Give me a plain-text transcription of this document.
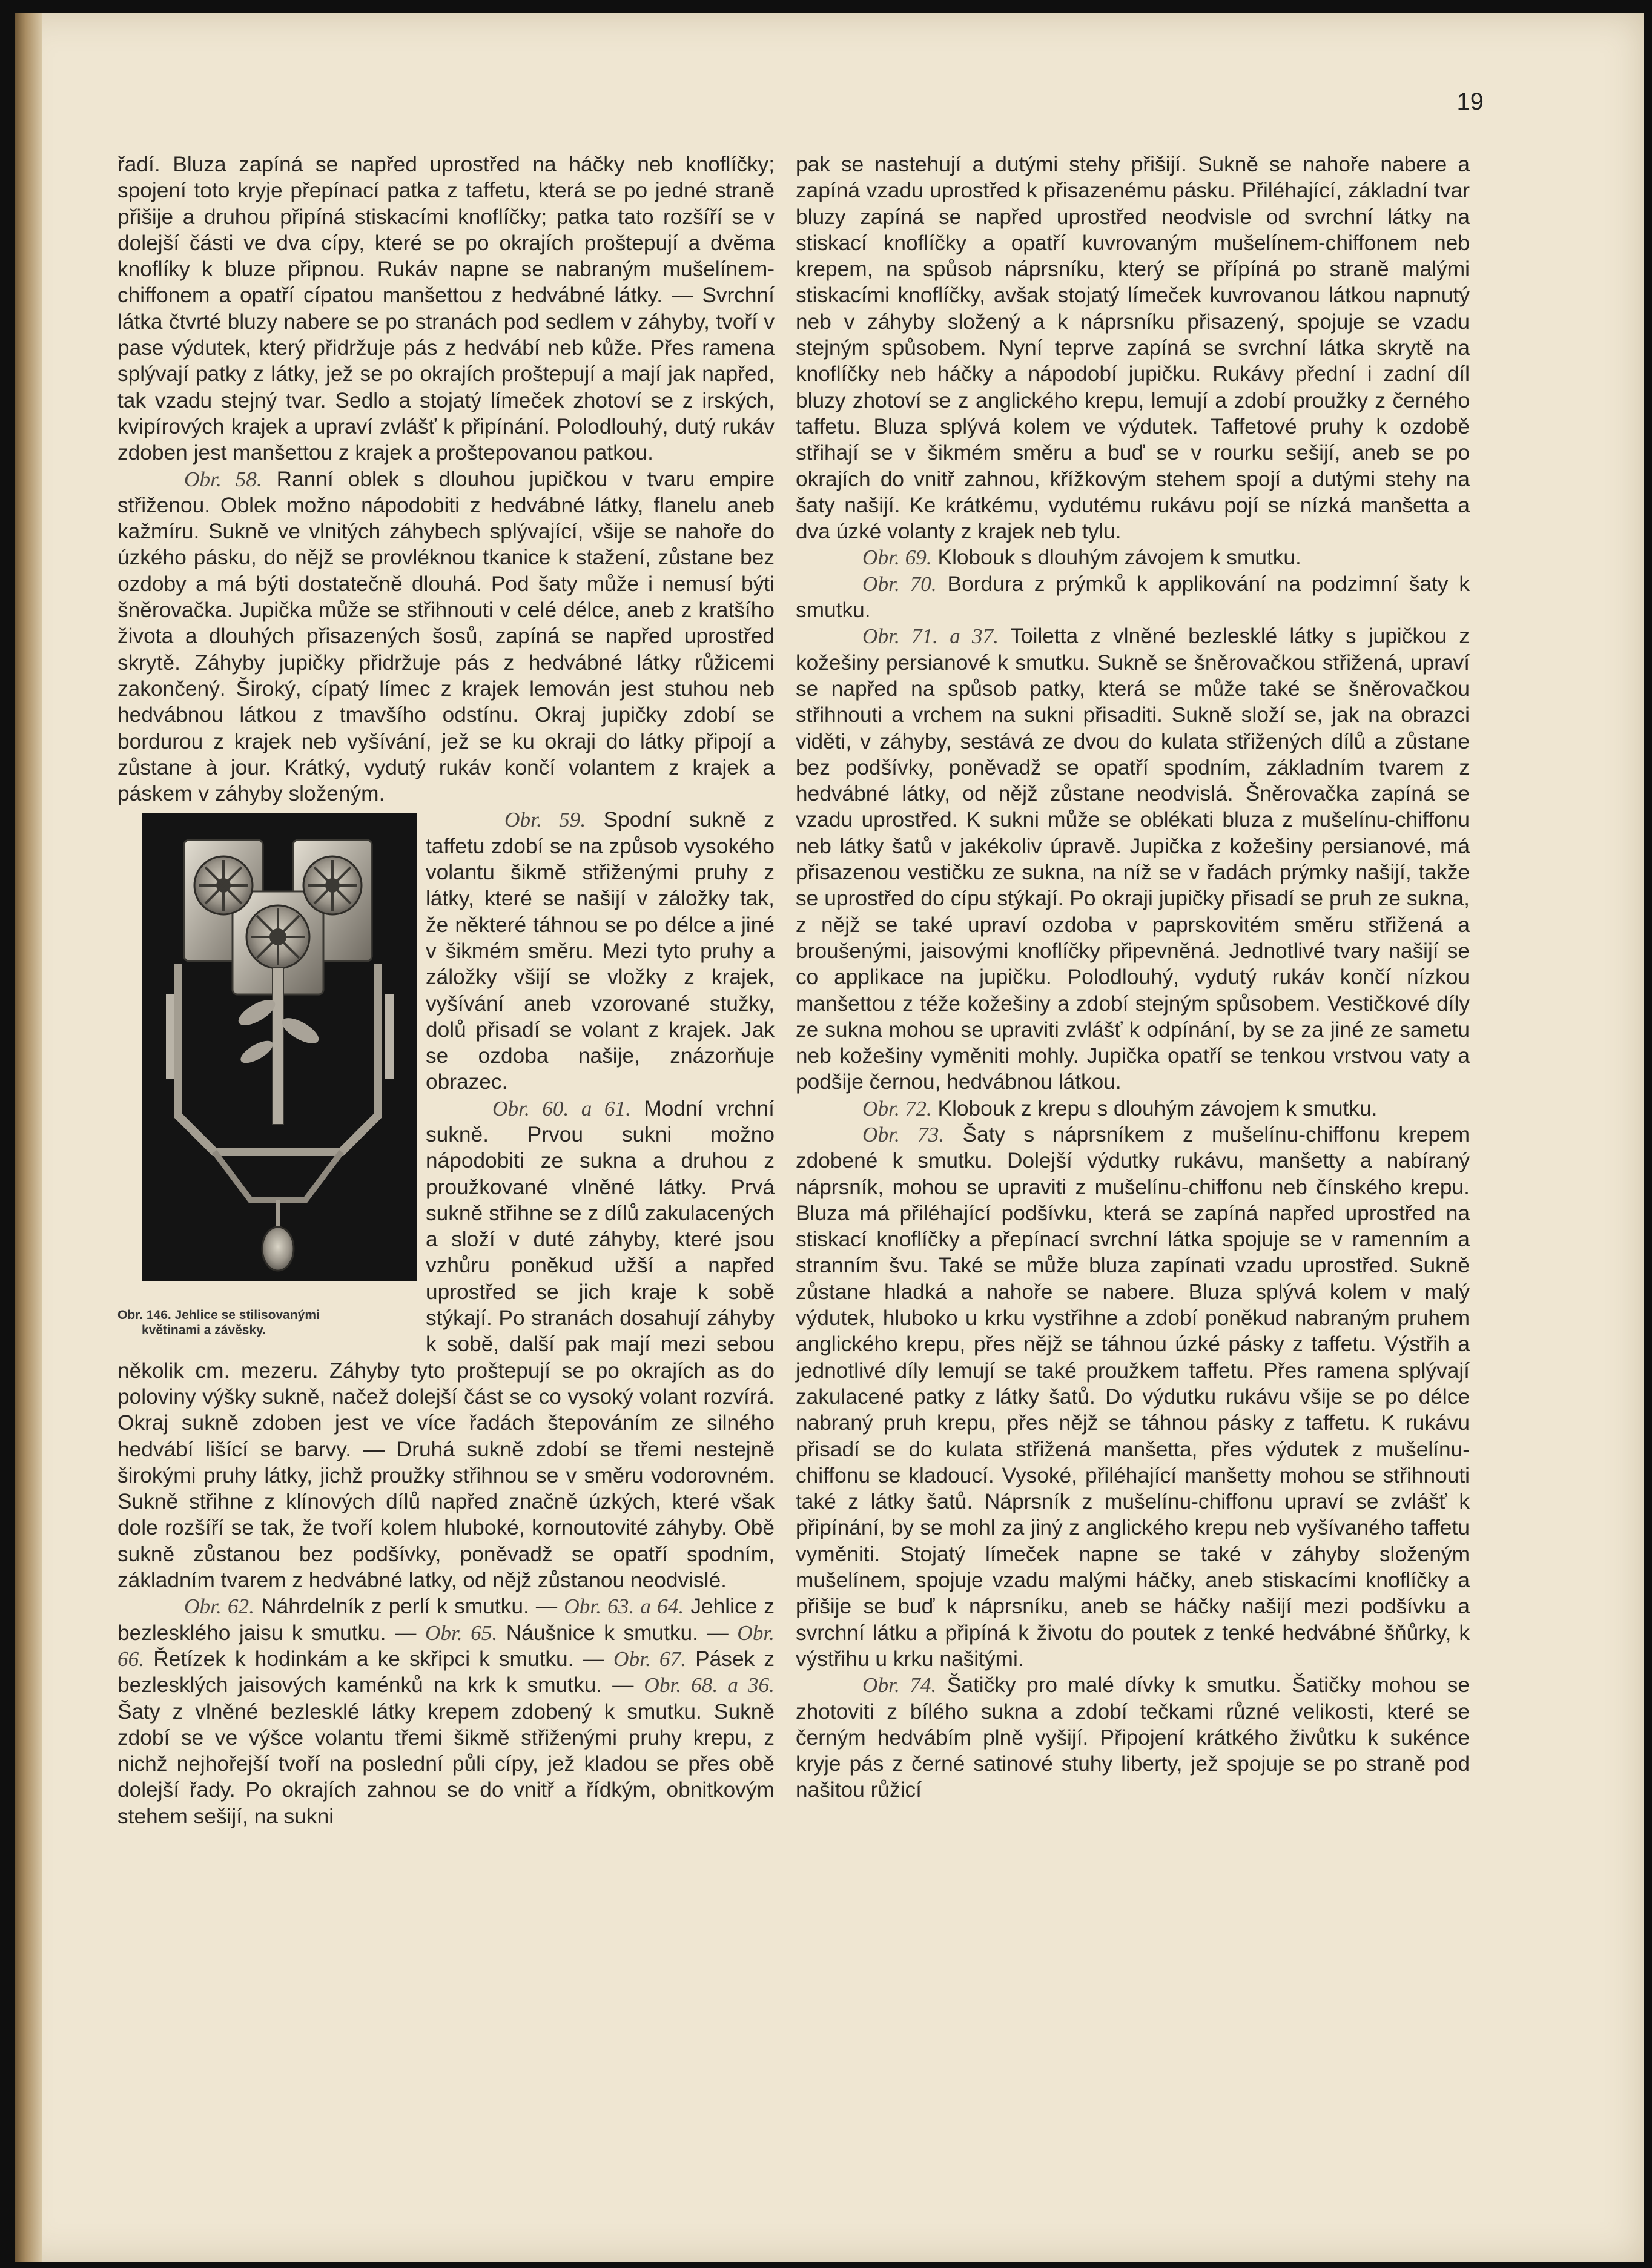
19

řadí. Bluza zapíná se napřed uprostřed na háčky neb knoflíčky; spojení toto kryje přepínací patka z taffetu, která se po jedné straně přišije a druhou připíná stiskacími knoflíčky; patka tato rozšíří se v dolejší části ve dva cípy, které se po okrajích proštepují a dvěma knoflíky k bluze připnou. Rukáv napne se nabraným mušelínem-chiffonem a opatří cípatou manšettou z hedvábné látky. — Svrchní látka čtvrté bluzy nabere se po stranách pod sedlem v záhyby, tvoří v pase výdutek, který přidržuje pás z hedvábí neb kůže. Přes ramena splývají patky z látky, jež se po okrajích proštepují a mají jak napřed, tak vzadu stejný tvar. Sedlo a stojatý límeček zhotoví se z irských, kvipírových krajek a upraví zvlášť k připínání. Polodlouhý, dutý rukáv zdoben jest manšettou z krajek a proštepovanou patkou.

Obr. 58. Ranní oblek s dlouhou jupičkou v tvaru empire střiženou. Oblek možno nápodobiti z hedvábné látky, flanelu aneb kažmíru. Sukně ve vlnitých záhybech splývající, všije se nahoře do úzkého pásku, do nějž se provléknou tkanice k stažení, zůstane bez ozdoby a má býti dostatečně dlouhá. Pod šaty může i nemusí býti šněrovačka. Jupička může se střihnouti v celé délce, aneb z kratšího života a dlouhých přisazených šosů, zapíná se napřed uprostřed skrytě. Záhyby jupičky přidržuje pás z hedvábné látky růžicemi zakončený. Široký, cípatý límec z krajek lemován jest stuhou neb hedvábnou látkou z tmavšího odstínu. Okraj jupičky zdobí se bordurou z krajek neb vyšívání, jež se ku okraji do látky připojí a zůstane à jour. Krátký, vydutý rukáv končí volantem z krajek a páskem v záhyby složeným.

Obr. 146. Jehlice se stilisovanými
květinami a závěsky.

Obr. 59. Spodní sukně z taffetu zdobí se na způsob vysokého volantu šikmě střiženými pruhy z látky, které se našijí v záložky tak, že některé táhnou se po délce a jiné v šikmém směru. Mezi tyto pruhy a záložky všijí se vložky z krajek, vyšívání aneb vzorované stužky, dolů přisadí se volant z krajek. Jak se ozdoba našije, znázorňuje obrazec.

Obr. 60. a 61. Modní vrchní sukně. Prvou sukni možno nápodobiti ze sukna a druhou z proužkované vlněné látky. Prvá sukně střihne se z dílů zakulacených a složí v duté záhyby, které jsou vzhůru poněkud užší a napřed uprostřed se jich kraje k sobě stýkají. Po stranách dosahují záhyby k sobě, další pak mají mezi sebou několik cm. mezeru. Záhyby tyto proštepují se po okrajích as do poloviny výšky sukně, načež dolejší část se co vysoký volant rozvírá. Okraj sukně zdoben jest ve více řadách štepováním ze silného hedvábí lišící se barvy. — Druhá sukně zdobí se třemi nestejně širokými pruhy látky, jichž proužky střihnou se v směru vodorovném. Sukně střihne z klínových dílů napřed značně úzkých, které však dole rozšíří se tak, že tvoří kolem hluboké, kornoutovité záhyby. Obě sukně zůstanou bez podšívky, poněvadž se opatří spodním, základním tvarem z hedvábné latky, od nějž zůstanou neodvislé.

Obr. 62. Náhrdelník z perlí k smutku. — Obr. 63. a 64. Jehlice z bezlesklého jaisu k smutku. — Obr. 65. Náušnice k smutku. — Obr. 66. Řetízek k hodinkám a ke skřipci k smutku. — Obr. 67. Pásek z bezlesklých jaisových kaménků na krk k smutku. — Obr. 68. a 36. Šaty z vlněné bezlesklé látky krepem zdobený k smutku. Sukně zdobí se ve výšce volantu třemi šikmě střiženými pruhy krepu, z nichž nejhořejší tvoří na poslední půli cípy, jež kladou se přes obě dolejší řady. Po okrajích zahnou se do vnitř a řídkým, obnitkovým stehem sešijí, na sukni

pak se nastehují a dutými stehy přišijí. Sukně se nahoře nabere a zapíná vzadu uprostřed k přisazenému pásku. Přiléhající, základní tvar bluzy zapíná se napřed uprostřed neodvisle od svrchní látky na stiskací knoflíčky a opatří kuvrovaným mušelínem-chiffonem neb krepem, na spůsob náprsníku, který se přípíná po straně malými stiskacími knoflíčky, avšak stojatý límeček kuvrovanou látkou napnutý neb v záhyby složený a k náprsníku přisazený, spojuje se vzadu stejným spůsobem. Nyní teprve zapíná se svrchní látka skrytě na knoflíčky neb háčky a nápodobí jupičku. Rukávy přední i zadní díl bluzy zhotoví se z anglického krepu, lemují a zdobí proužky z černého taffetu. Bluza splývá kolem ve výdutek. Taffetové pruhy k ozdobě střihají se v šikmém směru a buď se v rourku sešijí, aneb se po okrajích do vnitř zahnou, křížkovým stehem spojí a dutými stehy na šaty našijí. Ke krátkému, vydutému rukávu pojí se nízká manšetta a dva úzké volanty z krajek neb tylu.

Obr. 69. Klobouk s dlouhým závojem k smutku.

Obr. 70. Bordura z prýmků k applikování na podzimní šaty k smutku.

Obr. 71. a 37. Toiletta z vlněné bezlesklé látky s jupičkou z kožešiny persianové k smutku. Sukně se šněrovačkou střižená, upraví se napřed na spůsob patky, která se může také se šněrovačkou střihnouti a vrchem na sukni přisaditi. Sukně složí se, jak na obrazci viděti, v záhyby, sestává ze dvou do kulata střižených dílů a zůstane bez podšívky, poněvadž se opatří spodním, základním tvarem z hedvábné látky, od nějž zůstane neodvislá. Šněrovačka zapíná se vzadu uprostřed. K sukni může se oblékati bluza z mušelínu-chiffonu neb látky šatů v jakékoliv úpravě. Jupička z kožešiny persianové, má přisazenou vestičku ze sukna, na níž se v řadách prýmky našijí, takže se uprostřed do cípu stýkají. Po okraji jupičky přisadí se pruh ze sukna, z nějž se také upraví ozdoba v paprskovitém směru střižená a broušenými, jaisovými knoflíčky připevněná. Jednotlivé tvary našijí se co applikace na jupičku. Polodlouhý, vydutý rukáv končí nízkou manšettou z téže kožešiny a zdobí stejným spůsobem. Vestičkové díly ze sukna mohou se upraviti zvlášť k odpínání, by se za jiné ze sametu neb kožešiny vyměniti mohly. Jupička opatří se tenkou vrstvou vaty a podšije černou, hedvábnou látkou.

Obr. 72. Klobouk z krepu s dlouhým závojem k smutku.

Obr. 73. Šaty s náprsníkem z mušelínu-chiffonu krepem zdobené k smutku. Dolejší výdutky rukávu, manšetty a nabíraný náprsník, mohou se upraviti z mušelínu-chiffonu neb čínského krepu. Bluza má přiléhající podšívku, která se zapíná napřed uprostřed na stiskací knoflíčky a přepínací svrchní látka spojuje se v ramenním a stranním švu. Také se může bluza zapínati vzadu uprostřed. Sukně zůstane hladká a nahoře se nabere. Bluza splývá kolem v malý výdutek, hluboko u krku vystřihne a zdobí poněkud nabraným pruhem anglického krepu, přes nějž se táhnou úzké pásky z taffetu. Výstřih a jednotlivé díly lemují se také proužkem taffetu. Přes ramena splývají zakulacené patky z látky šatů. Do výdutku rukávu všije se po délce nabraný pruh krepu, přes nějž se táhnou pásky z taffetu. K rukávu přisadí se do kulata střižená manšetta, přes výdutek z mušelínu-chiffonu se kladoucí. Vysoké, přiléhající manšetty mohou se střihnouti také z látky šatů. Náprsník z mušelínu-chiffonu upraví se zvlášť k připínání, by se mohl za jiný z anglického krepu neb vyšívaného taffetu vyměniti. Stojatý límeček napne se také v záhyby složeným mušelínem, spojuje vzadu malými háčky, aneb stiskacími knoflíčky a přišije se buď k náprsníku, aneb se háčky našijí mezi podšívku a svrchní látku a připíná k životu do poutek z tenké hedvábné šňůrky, k výstřihu u krku našitými.

Obr. 74. Šatičky pro malé dívky k smutku. Šatičky mohou se zhotoviti z bílého sukna a zdobí tečkami různé velikosti, které se černým hedvábím plně vyšijí. Připojení krátkého živůtku k sukénce kryje pás z černé satinové stuhy liberty, jež spojuje se po straně pod našitou růžicí
